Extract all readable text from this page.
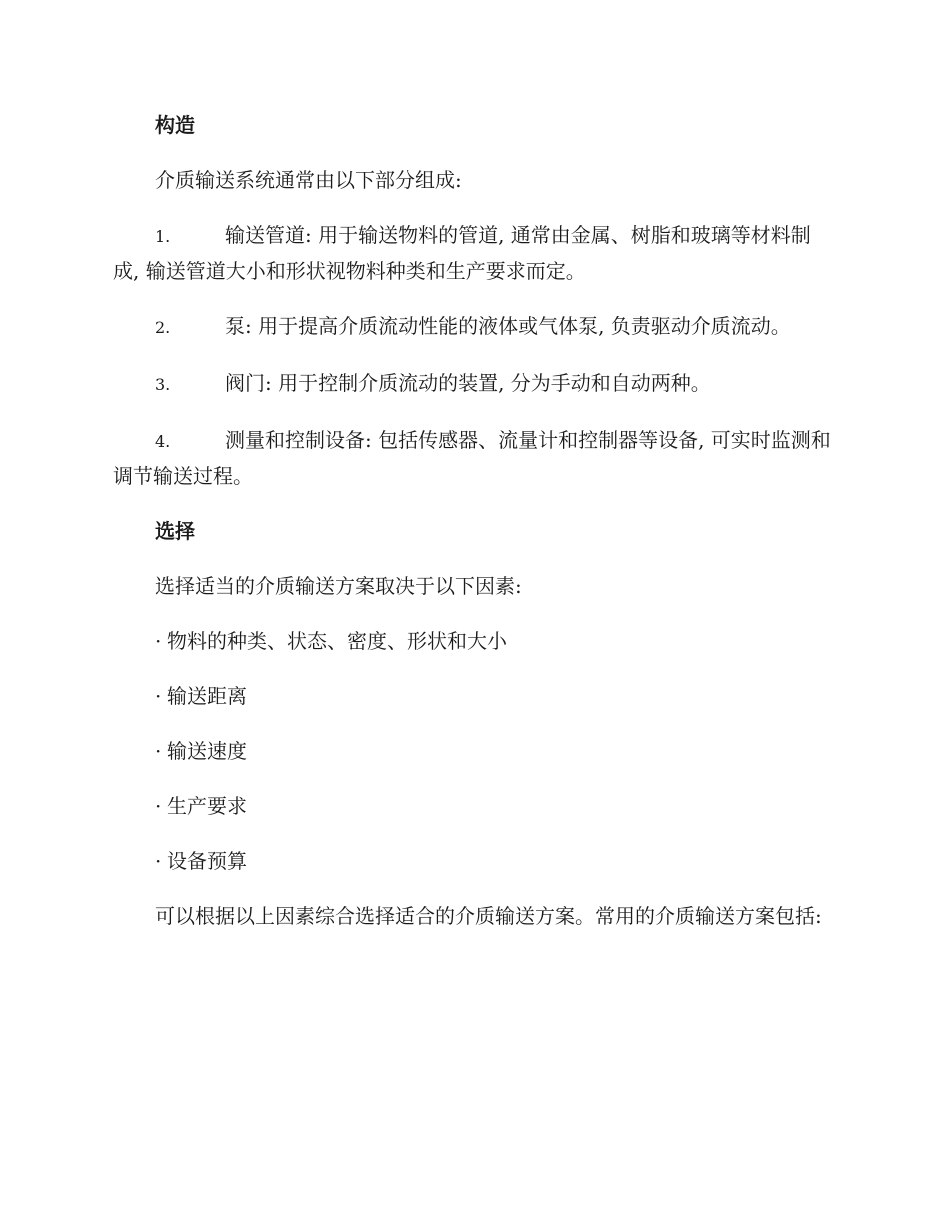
构造
介质输送系统通常由以下部分组成:
1.	输送管道: 用于输送物料的管道, 通常由金属、树脂和玻璃等材料制成, 输送管道大小和形状视物料种类和生产要求而定。
2.	泵: 用于提高介质流动性能的液体或气体泵, 负责驱动介质流动。
3.	阀门: 用于控制介质流动的装置, 分为手动和自动两种。
4.	测量和控制设备: 包括传感器、流量计和控制器等设备, 可实时监测和调节输送过程。
选择
选择适当的介质输送方案取决于以下因素:
· 物料的种类、状态、密度、形状和大小
· 输送距离
· 输送速度
· 生产要求
· 设备预算
可以根据以上因素综合选择适合的介质输送方案。常用的介质输送方案包括:
